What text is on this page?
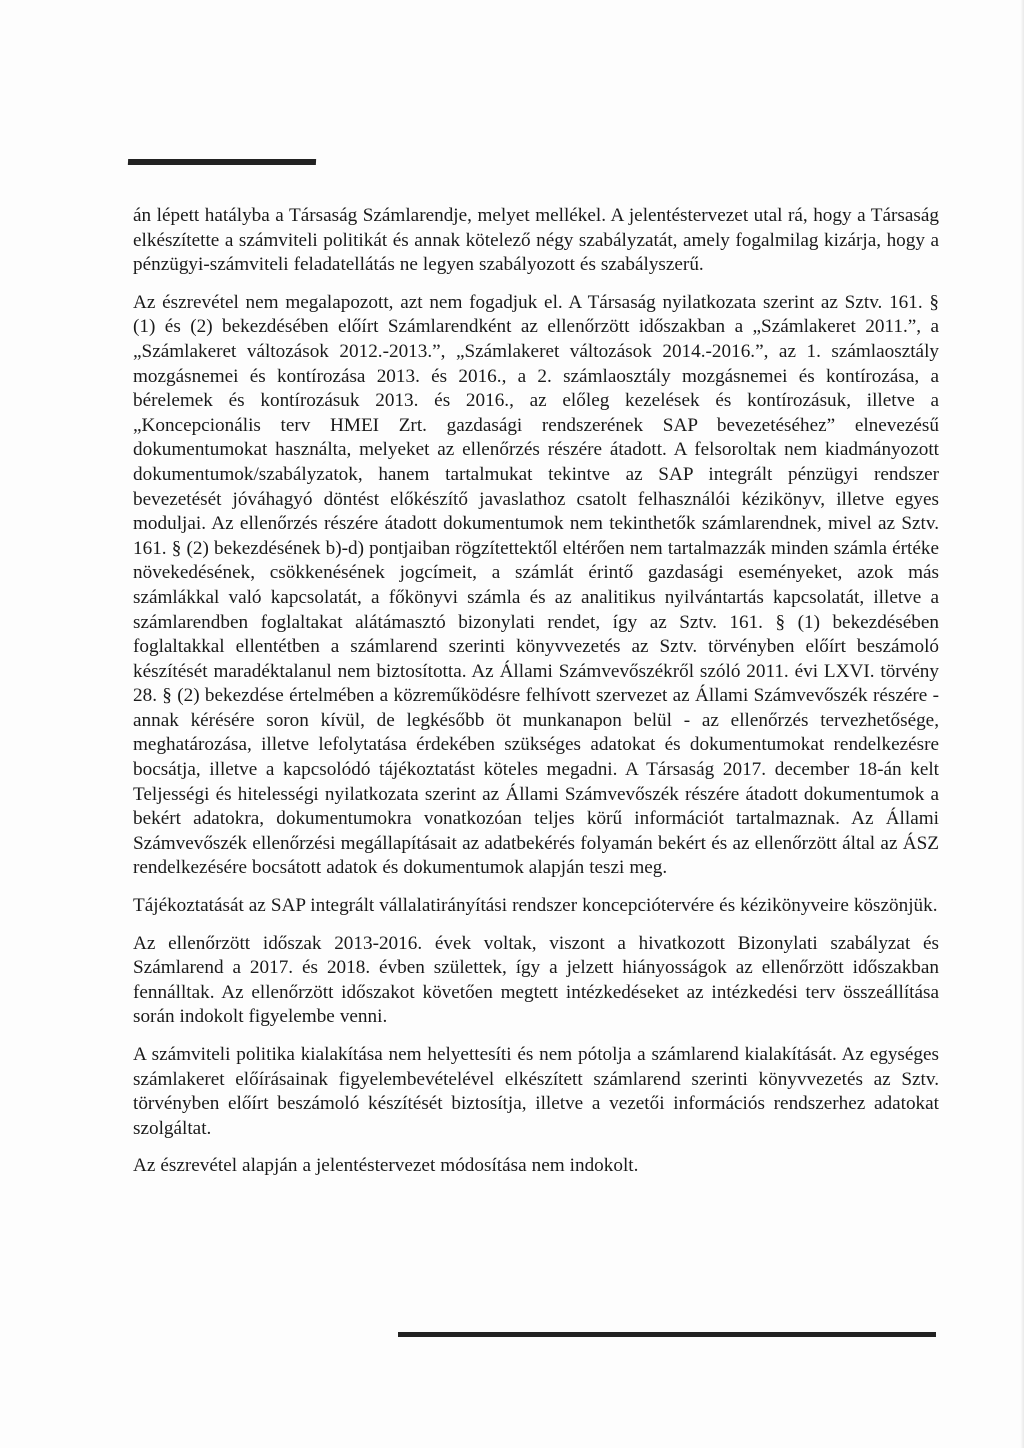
án lépett hatályba a Társaság Számlarendje, melyet mellékel. A jelentéstervezet utal rá, hogy a Társaság elkészítette a számviteli politikát és annak kötelező négy szabályzatát, amely fogalmilag kizárja, hogy a pénzügyi-számviteli feladatellátás ne legyen szabályozott és szabályszerű.

Az észrevétel nem megalapozott, azt nem fogadjuk el. A Társaság nyilatkozata szerint az Sztv. 161. § (1) és (2) bekezdésében előírt Számlarendként az ellenőrzött időszakban a „Számlakeret 2011.”, a „Számlakeret változások 2012.-2013.”, „Számlakeret változások 2014.-2016.”, az 1. számlaosztály mozgásnemei és kontírozása 2013. és 2016., a 2. számlaosztály mozgásnemei és kontírozása, a bérelemek és kontírozásuk 2013. és 2016., az előleg kezelések és kontírozásuk, illetve a „Koncepcionális terv HMEI Zrt. gazdasági rendszerének SAP bevezetéséhez” elnevezésű dokumentumokat használta, melyeket az ellenőrzés részére átadott. A felsoroltak nem kiadmányozott dokumentumok/szabályzatok, hanem tartalmukat tekintve az SAP integrált pénzügyi rendszer bevezetését jóváhagyó döntést előkészítő javaslathoz csatolt felhasználói kézikönyv, illetve egyes moduljai. Az ellenőrzés részére átadott dokumentumok nem tekinthetők számlarendnek, mivel az Sztv. 161. § (2) bekezdésének b)-d) pontjaiban rögzítettektől eltérően nem tartalmazzák minden számla értéke növekedésének, csökkenésének jogcímeit, a számlát érintő gazdasági eseményeket, azok más számlákkal való kapcsolatát, a főkönyvi számla és az analitikus nyilvántartás kapcsolatát, illetve a számlarendben foglaltakat alátámasztó bizonylati rendet, így az Sztv. 161. § (1) bekezdésében foglaltakkal ellentétben a számlarend szerinti könyvvezetés az Sztv. törvényben előírt beszámoló készítését maradéktalanul nem biztosította. Az Állami Számvevőszékről szóló 2011. évi LXVI. törvény 28. § (2) bekezdése értelmében a közreműködésre felhívott szervezet az Állami Számvevőszék részére - annak kérésére soron kívül, de legkésőbb öt munkanapon belül - az ellenőrzés tervezhetősége, meghatározása, illetve lefolytatása érdekében szükséges adatokat és dokumentumokat rendelkezésre bocsátja, illetve a kapcsolódó tájékoztatást köteles megadni. A Társaság 2017. december 18-án kelt Teljességi és hitelességi nyilatkozata szerint az Állami Számvevőszék részére átadott dokumentumok a bekért adatokra, dokumentumokra vonatkozóan teljes körű információt tartalmaznak. Az Állami Számvevőszék ellenőrzési megállapításait az adatbekérés folyamán bekért és az ellenőrzött által az ÁSZ rendelkezésére bocsátott adatok és dokumentumok alapján teszi meg.

Tájékoztatását az SAP integrált vállalatirányítási rendszer koncepciótervére és kézikönyveire köszönjük.

Az ellenőrzött időszak 2013-2016. évek voltak, viszont a hivatkozott Bizonylati szabályzat és Számlarend a 2017. és 2018. évben születtek, így a jelzett hiányosságok az ellenőrzött időszakban fennálltak. Az ellenőrzött időszakot követően megtett intézkedéseket az intézkedési terv összeállítása során indokolt figyelembe venni.

A számviteli politika kialakítása nem helyettesíti és nem pótolja a számlarend kialakítását. Az egységes számlakeret előírásainak figyelembevételével elkészített számlarend szerinti könyvvezetés az Sztv. törvényben előírt beszámoló készítését biztosítja, illetve a vezetői információs rendszerhez adatokat szolgáltat.

Az észrevétel alapján a jelentéstervezet módosítása nem indokolt.
